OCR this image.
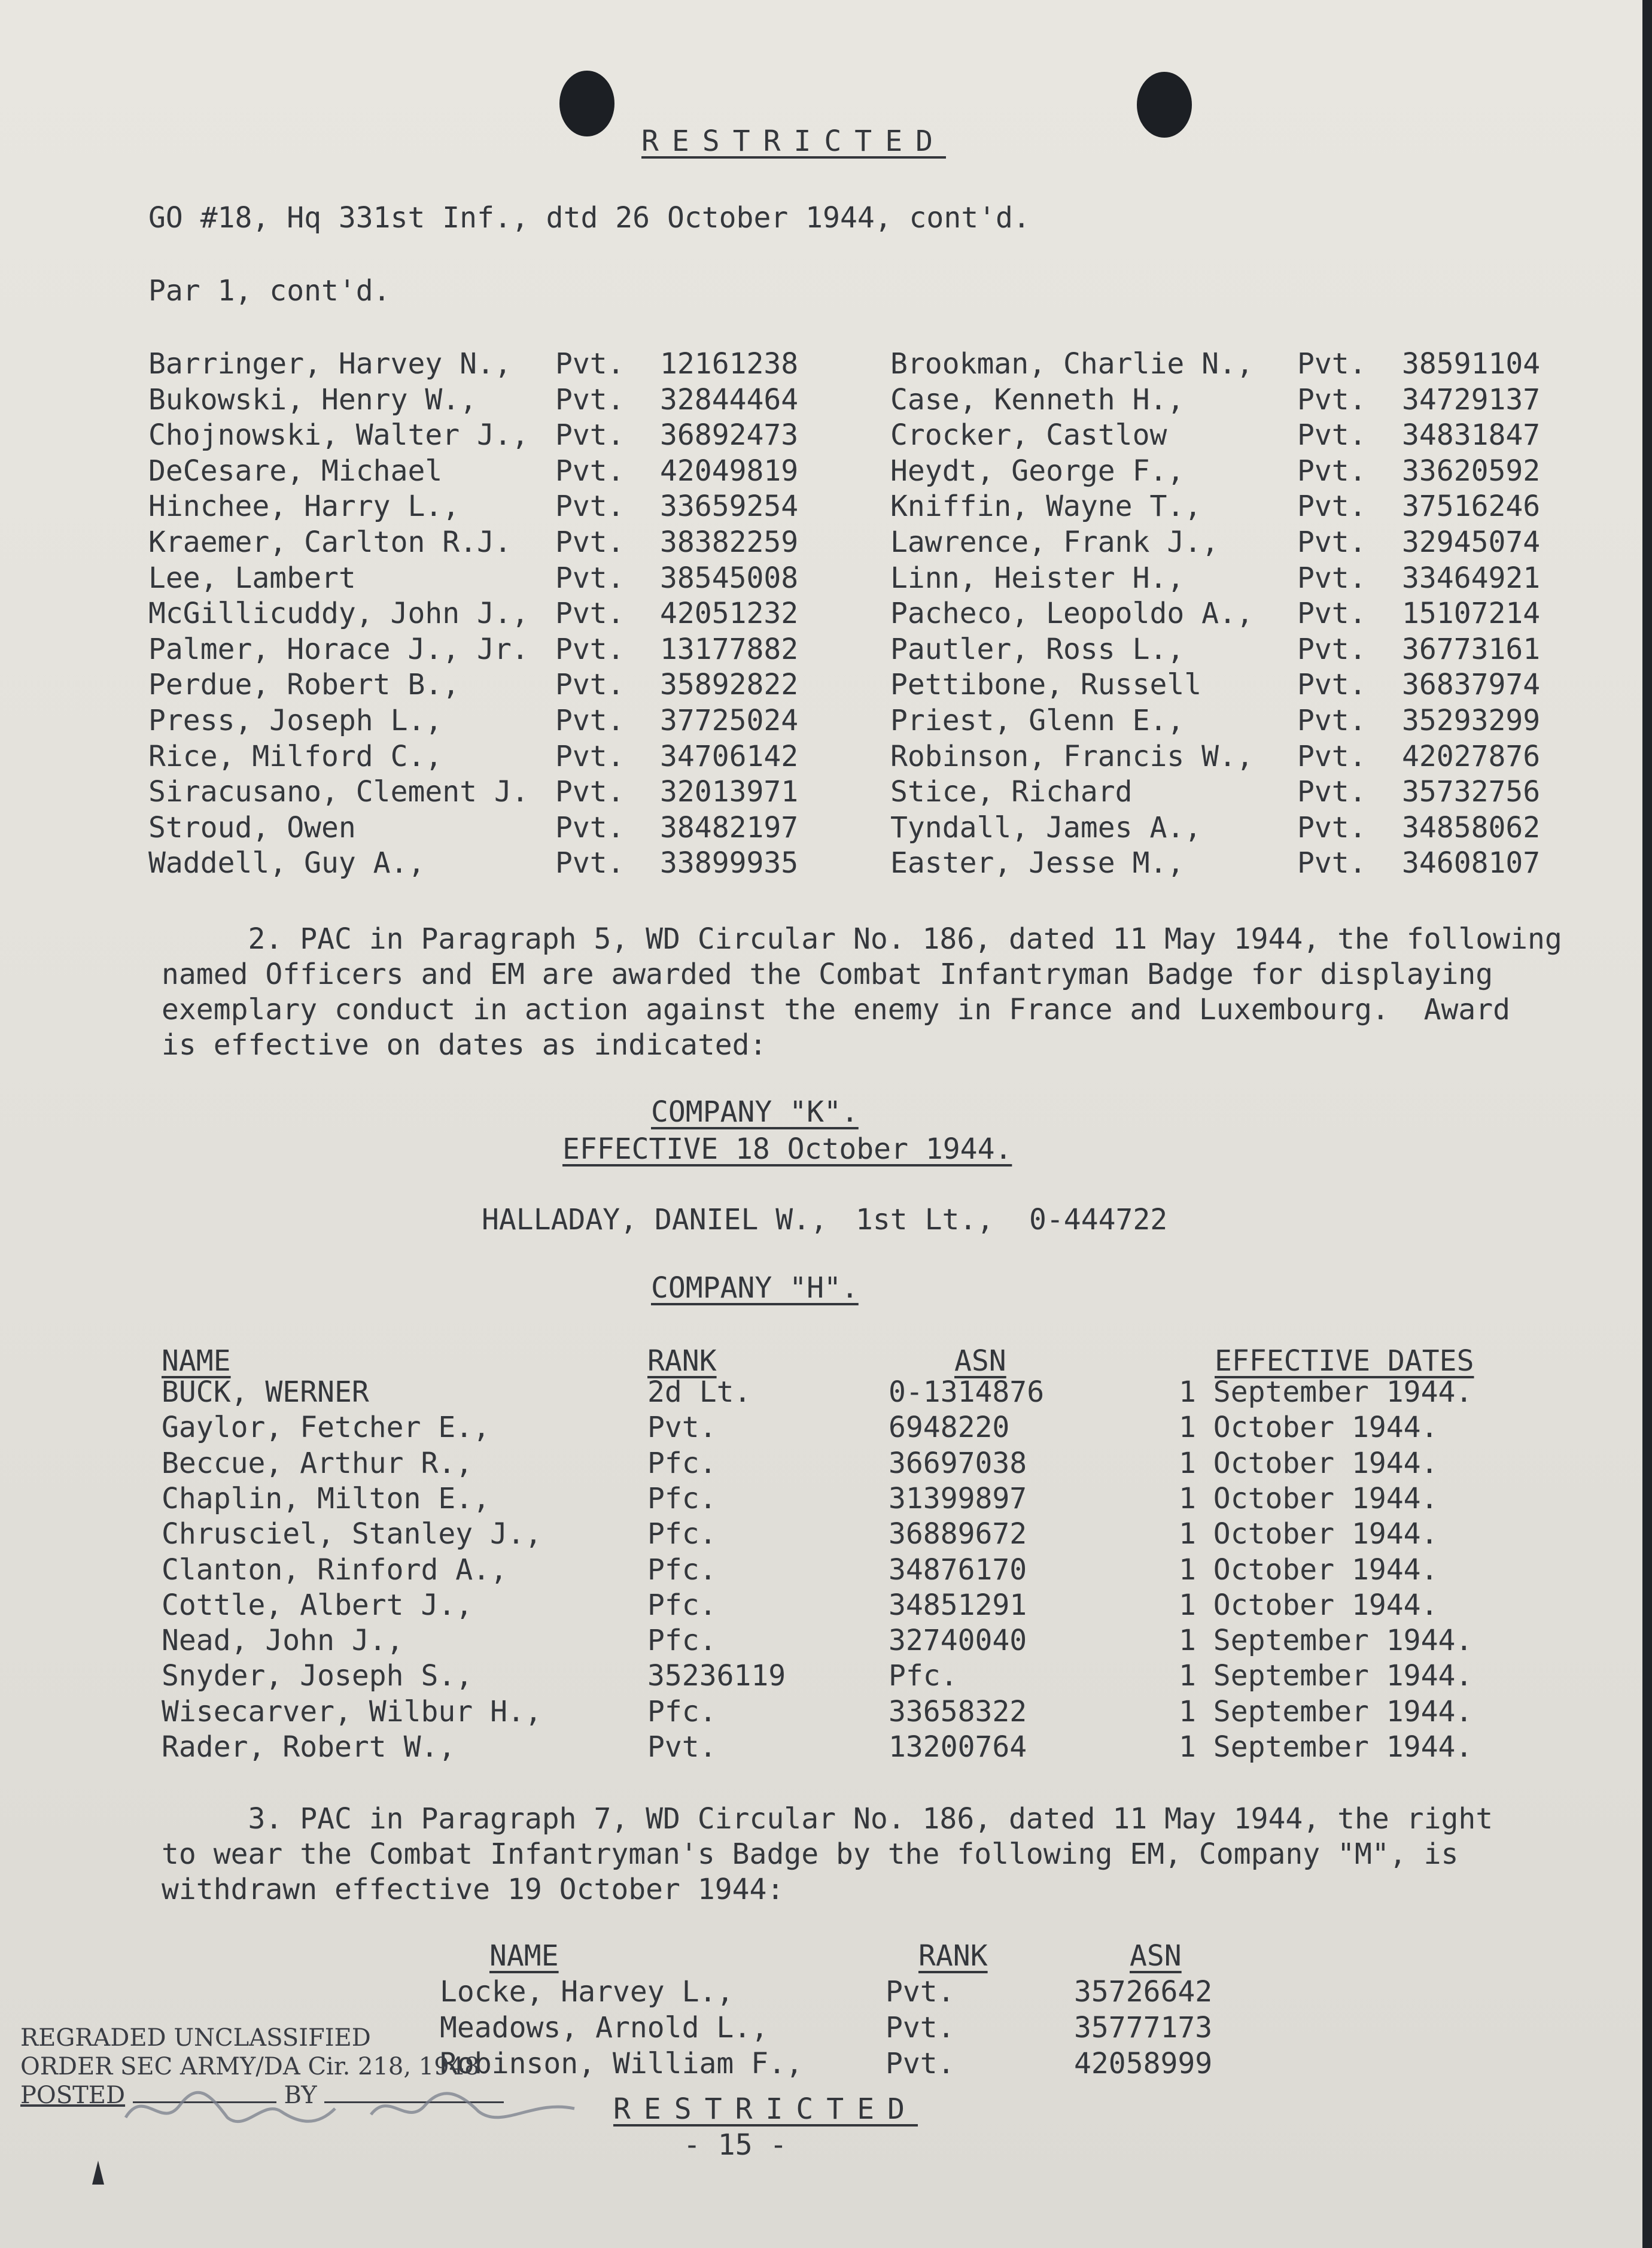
RESTRICTED
GO #18, Hq 331st Inf., dtd 26 October 1944, cont'd.
Par 1, cont'd.
Barringer, Harvey N., Pvt. 12161238	Brookman, Charlie N., Pvt. 38591104
Bukowski, Henry W.,	Pvt. 32844464	Case, Kenneth H.,	Pvt. 34729137
Chojnowski, Walter J., Pvt. 36892473	Crocker, Castlow	Pvt. 34831847
DeCesare, Michael	Pvt. 42049819	Heydt, George F.,	Pvt. 33620592
Hinchee, Harry L.,	Pvt. 33659254	Kniffin, Wayne T.,	Pvt. 37516246
Kraemer, Carlton R.J. Pvt. 38382259	Lawrence, Frank J.,	Pvt. 32945074
Lee, Lambert	Pvt. 38545008	Linn, Heister H.,	Pvt. 33464921
McGillicuddy, John J., Pvt. 42051232	Pacheco, Leopoldo A., Pvt. 15107214
Palmer, Horace J., Jr. Pvt. 13177882	Pautler, Ross L.,	Pvt. 36773161
Perdue, Robert B.,	Pvt. 35892822	Pettibone, Russell	Pvt. 36837974
Press, Joseph L.,	Pvt. 37725024	Priest, Glenn E.,	Pvt. 35293299
Rice, Milford C.,	Pvt. 34706142	Robinson, Francis W., Pvt. 42027876
Siracusano, Clement J. Pvt. 32013971	Stice, Richard	Pvt. 35732756
Stroud, Owen	Pvt. 38482197	Tyndall, James A.,	Pvt. 34858062
Waddell, Guy A.,	Pvt. 33899935	Easter, Jesse M.,	Pvt. 34608107
2. PAC in Paragraph 5, WD Circular No. 186, dated 11 May 1944, the following
named Officers and EM are awarded the Combat Infantryman Badge for displaying
exemplary conduct in action against the enemy in France and Luxembourg.  Award
is effective on dates as indicated:
COMPANY "K".
EFFECTIVE 18 October 1944.
HALLADAY, DANIEL W., 1st Lt., 0-444722
COMPANY "H".
NAME	RANK	ASN	EFFECTIVE DATES
BUCK, WERNER	2d Lt.	0-1314876	1 September 1944.
Gaylor, Fetcher E.,	Pvt.	6948220	1 October 1944.
Beccue, Arthur R.,	Pfc.	36697038	1 October 1944.
Chaplin, Milton E.,	Pfc.	31399897	1 October 1944.
Chrusciel, Stanley J.,	Pfc.	36889672	1 October 1944.
Clanton, Rinford A.,	Pfc.	34876170	1 October 1944.
Cottle, Albert J.,	Pfc.	34851291	1 October 1944.
Nead, John J.,	Pfc.	32740040	1 September 1944.
Snyder, Joseph S.,	35236119	Pfc.	1 September 1944.
Wisecarver, Wilbur H.,	Pfc.	33658322	1 September 1944.
Rader, Robert W.,	Pvt.	13200764	1 September 1944.
3. PAC in Paragraph 7, WD Circular No. 186, dated 11 May 1944, the right
to wear the Combat Infantryman's Badge by the following EM, Company "M", is
withdrawn effective 19 October 1944:
NAME	RANK	ASN
Locke, Harvey L.,	Pvt.	35726642
Meadows, Arnold L.,	Pvt.	35777173
Robinson, William F.,	Pvt.	42058999
REGRADED UNCLASSIFIED
ORDER SEC ARMY/DA Cir. 218, 1948
POSTED	BY	RESTRICTED
- 15 -
